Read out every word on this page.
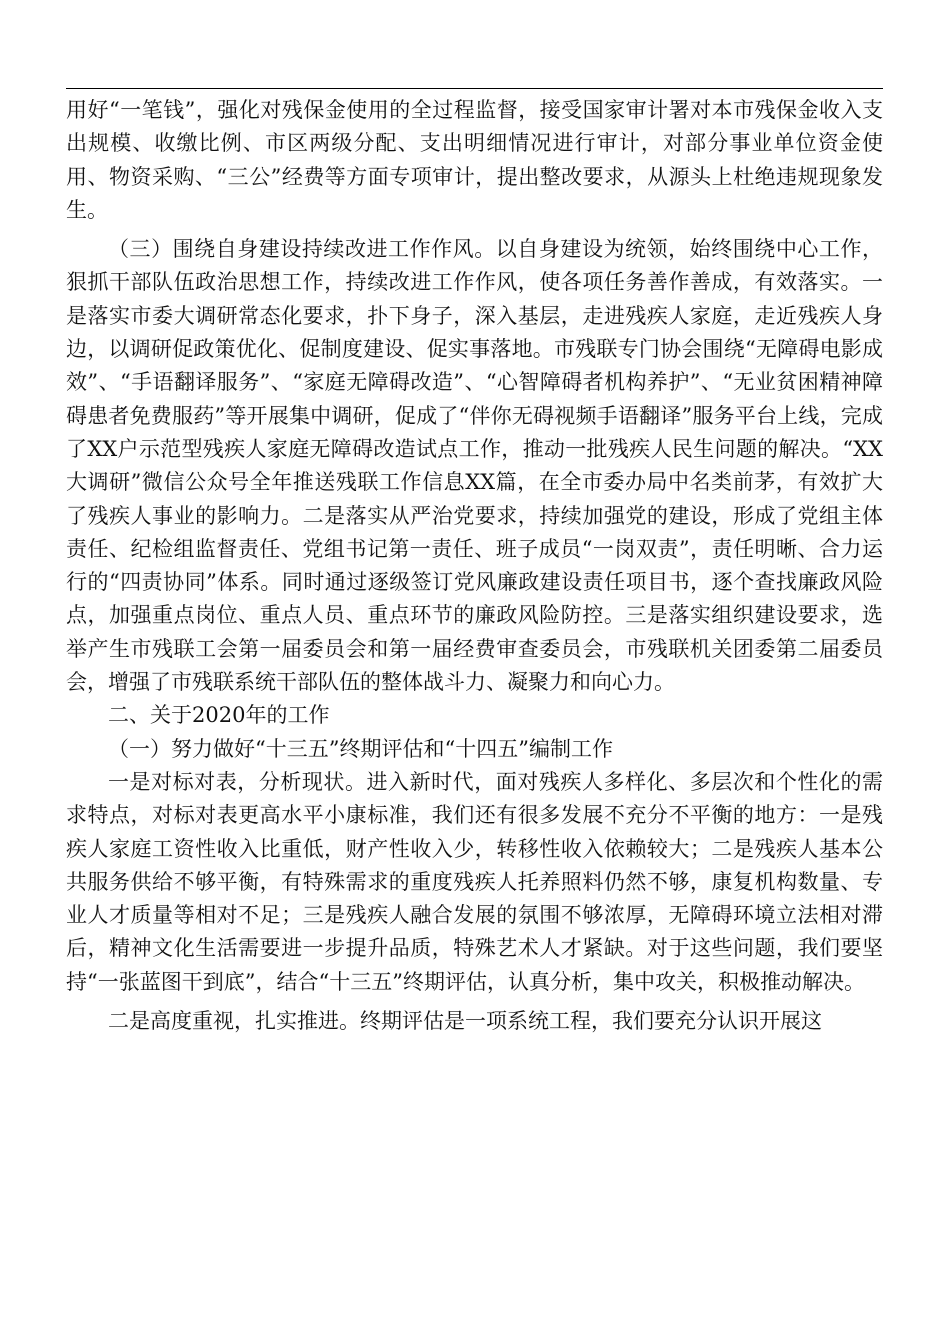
用好“一笔钱”，强化对残保金使用的全过程监督，接受国家审计署对本市残保金收入支出规模、收缴比例、市区两级分配、支出明细情况进行审计，对部分事业单位资金使用、物资采购、“三公”经费等方面专项审计，提出整改要求，从源头上杜绝违规现象发生。

（三）围绕自身建设持续改进工作作风。以自身建设为统领，始终围绕中心工作，狠抓干部队伍政治思想工作，持续改进工作作风，使各项任务善作善成，有效落实。一是落实市委大调研常态化要求，扑下身子，深入基层，走进残疾人家庭，走近残疾人身边，以调研促政策优化、促制度建设、促实事落地。市残联专门协会围绕“无障碍电影成效”、“手语翻译服务”、“家庭无障碍改造”、“心智障碍者机构养护”、“无业贫困精神障碍患者免费服药”等开展集中调研，促成了“伴你无碍视频手语翻译”服务平台上线，完成了XX户示范型残疾人家庭无障碍改造试点工作，推动一批残疾人民生问题的解决。“XX大调研”微信公众号全年推送残联工作信息XX篇，在全市委办局中名类前茅，有效扩大了残疾人事业的影响力。二是落实从严治党要求，持续加强党的建设，形成了党组主体责任、纪检组监督责任、党组书记第一责任、班子成员“一岗双责”，责任明晰、合力运行的“四责协同”体系。同时通过逐级签订党风廉政建设责任项目书，逐个查找廉政风险点，加强重点岗位、重点人员、重点环节的廉政风险防控。三是落实组织建设要求，选举产生市残联工会第一届委员会和第一届经费审查委员会，市残联机关团委第二届委员会，增强了市残联系统干部队伍的整体战斗力、凝聚力和向心力。

二、关于2020年的工作

（一）努力做好“十三五”终期评估和“十四五”编制工作

一是对标对表，分析现状。进入新时代，面对残疾人多样化、多层次和个性化的需求特点，对标对表更高水平小康标准，我们还有很多发展不充分不平衡的地方：一是残疾人家庭工资性收入比重低，财产性收入少，转移性收入依赖较大；二是残疾人基本公共服务供给不够平衡，有特殊需求的重度残疾人托养照料仍然不够，康复机构数量、专业人才质量等相对不足；三是残疾人融合发展的氛围不够浓厚，无障碍环境立法相对滞后，精神文化生活需要进一步提升品质，特殊艺术人才紧缺。对于这些问题，我们要坚持“一张蓝图干到底”，结合“十三五”终期评估，认真分析，集中攻关，积极推动解决。

二是高度重视，扎实推进。终期评估是一项系统工程，我们要充分认识开展这
